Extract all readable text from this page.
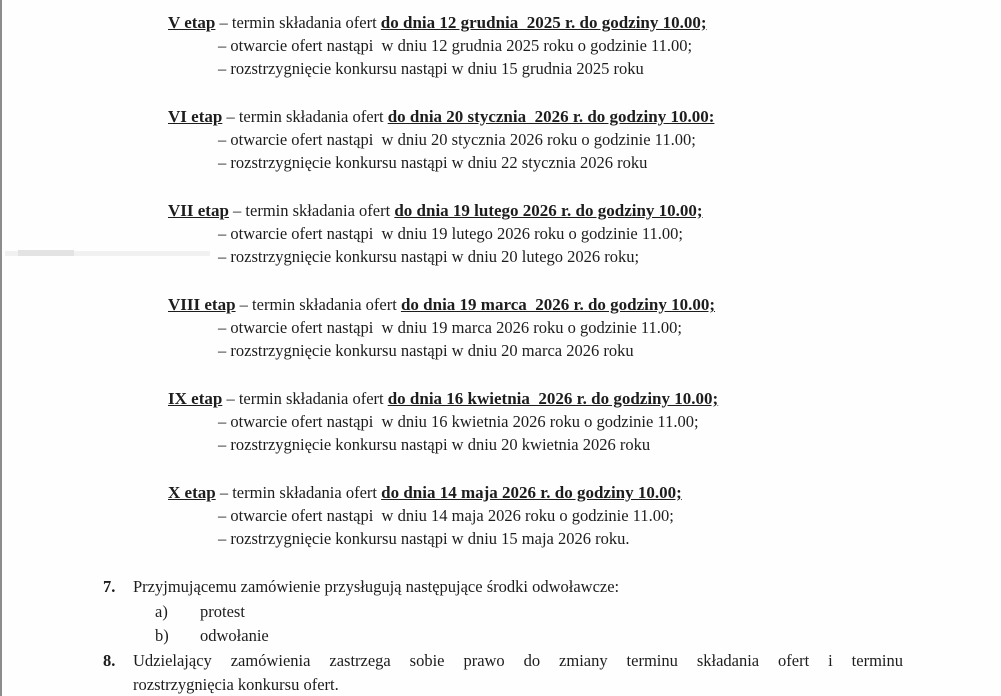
V etap – termin składania ofert do dnia 12 grudnia  2025 r. do godziny 10.00;
– otwarcie ofert nastąpi  w dniu 12 grudnia 2025 roku o godzinie 11.00;
– rozstrzygnięcie konkursu nastąpi w dniu 15 grudnia 2025 roku
VI etap – termin składania ofert do dnia 20 stycznia  2026 r. do godziny 10.00:
– otwarcie ofert nastąpi  w dniu 20 stycznia 2026 roku o godzinie 11.00;
– rozstrzygnięcie konkursu nastąpi w dniu 22 stycznia 2026 roku
VII etap – termin składania ofert do dnia 19 lutego 2026 r. do godziny 10.00;
– otwarcie ofert nastąpi  w dniu 19 lutego 2026 roku o godzinie 11.00;
– rozstrzygnięcie konkursu nastąpi w dniu 20 lutego 2026 roku;
VIII etap – termin składania ofert do dnia 19 marca  2026 r. do godziny 10.00;
– otwarcie ofert nastąpi  w dniu 19 marca 2026 roku o godzinie 11.00;
– rozstrzygnięcie konkursu nastąpi w dniu 20 marca 2026 roku
IX etap – termin składania ofert do dnia 16 kwietnia  2026 r. do godziny 10.00;
– otwarcie ofert nastąpi  w dniu 16 kwietnia 2026 roku o godzinie 11.00;
– rozstrzygnięcie konkursu nastąpi w dniu 20 kwietnia 2026 roku
X etap – termin składania ofert do dnia 14 maja 2026 r. do godziny 10.00;
– otwarcie ofert nastąpi  w dniu 14 maja 2026 roku o godzinie 11.00;
– rozstrzygnięcie konkursu nastąpi w dniu 15 maja 2026 roku.
7. Przyjmującemu zamówienie przysługują następujące środki odwoławcze:
a) protest
b) odwołanie
8. Udzielający zamówienia zastrzega sobie prawo do zmiany terminu składania ofert i terminu
rozstrzygnięcia konkursu ofert.
